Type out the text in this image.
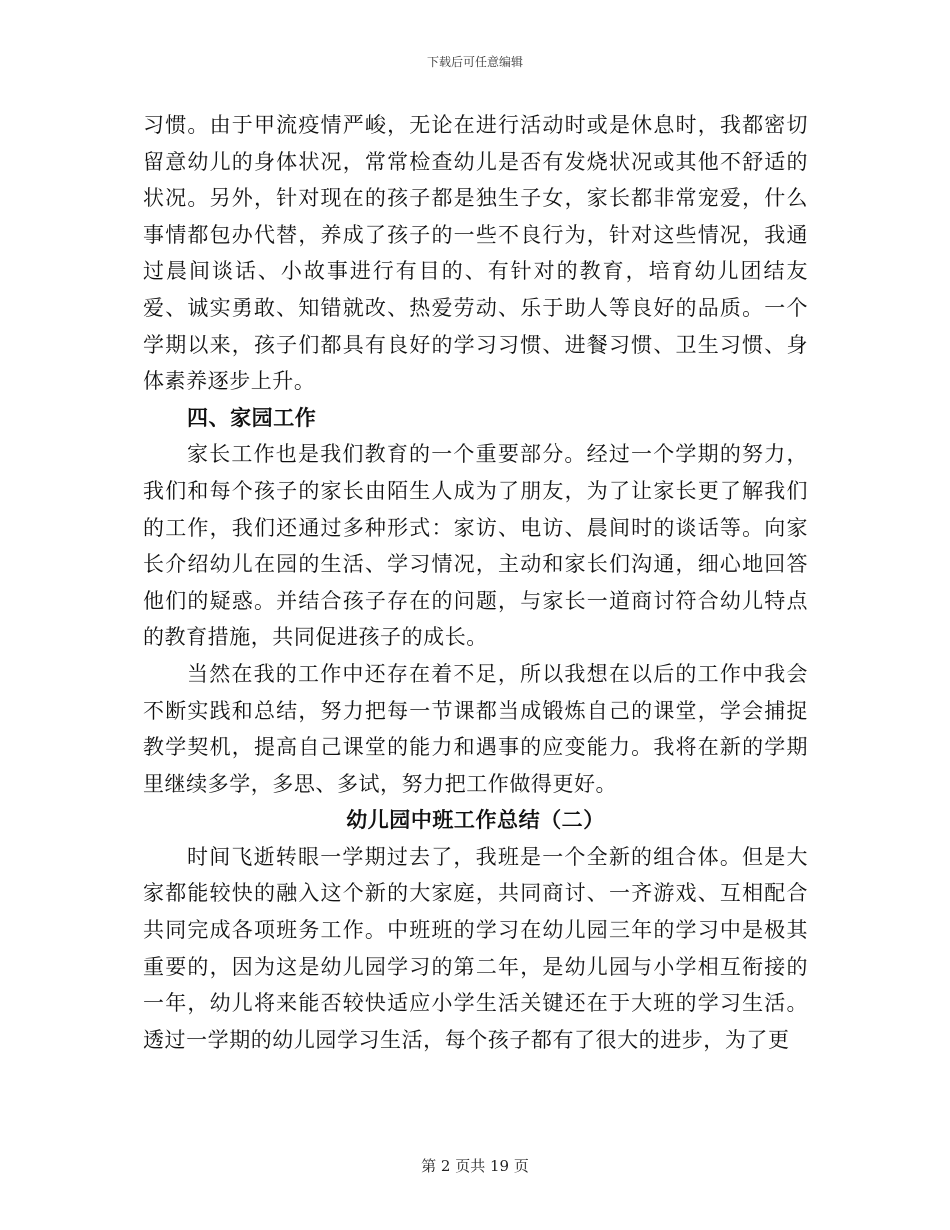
下载后可任意编辑

习惯。由于甲流疫情严峻，无论在进行活动时或是休息时，我都密切留意幼儿的身体状况，常常检查幼儿是否有发烧状况或其他不舒适的状况。另外，针对现在的孩子都是独生子女，家长都非常宠爱，什么事情都包办代替，养成了孩子的一些不良行为，针对这些情况，我通过晨间谈话、小故事进行有目的、有针对的教育，培育幼儿团结友爱、诚实勇敢、知错就改、热爱劳动、乐于助人等良好的品质。一个学期以来，孩子们都具有良好的学习习惯、进餐习惯、卫生习惯、身体素养逐步上升。

四、家园工作

家长工作也是我们教育的一个重要部分。经过一个学期的努力，我们和每个孩子的家长由陌生人成为了朋友，为了让家长更了解我们的工作，我们还通过多种形式：家访、电访、晨间时的谈话等。向家长介绍幼儿在园的生活、学习情况，主动和家长们沟通，细心地回答他们的疑惑。并结合孩子存在的问题，与家长一道商讨符合幼儿特点的教育措施，共同促进孩子的成长。

当然在我的工作中还存在着不足，所以我想在以后的工作中我会不断实践和总结，努力把每一节课都当成锻炼自己的课堂，学会捕捉教学契机，提高自己课堂的能力和遇事的应变能力。我将在新的学期里继续多学，多思、多试，努力把工作做得更好。

幼儿园中班工作总结（二）

时间飞逝转眼一学期过去了，我班是一个全新的组合体。但是大家都能较快的融入这个新的大家庭，共同商讨、一齐游戏、互相配合共同完成各项班务工作。中班班的学习在幼儿园三年的学习中是极其重要的，因为这是幼儿园学习的第二年，是幼儿园与小学相互衔接的一年，幼儿将来能否较快适应小学生活关键还在于大班的学习生活。透过一学期的幼儿园学习生活，每个孩子都有了很大的进步，为了更

第 2 页共 19 页
